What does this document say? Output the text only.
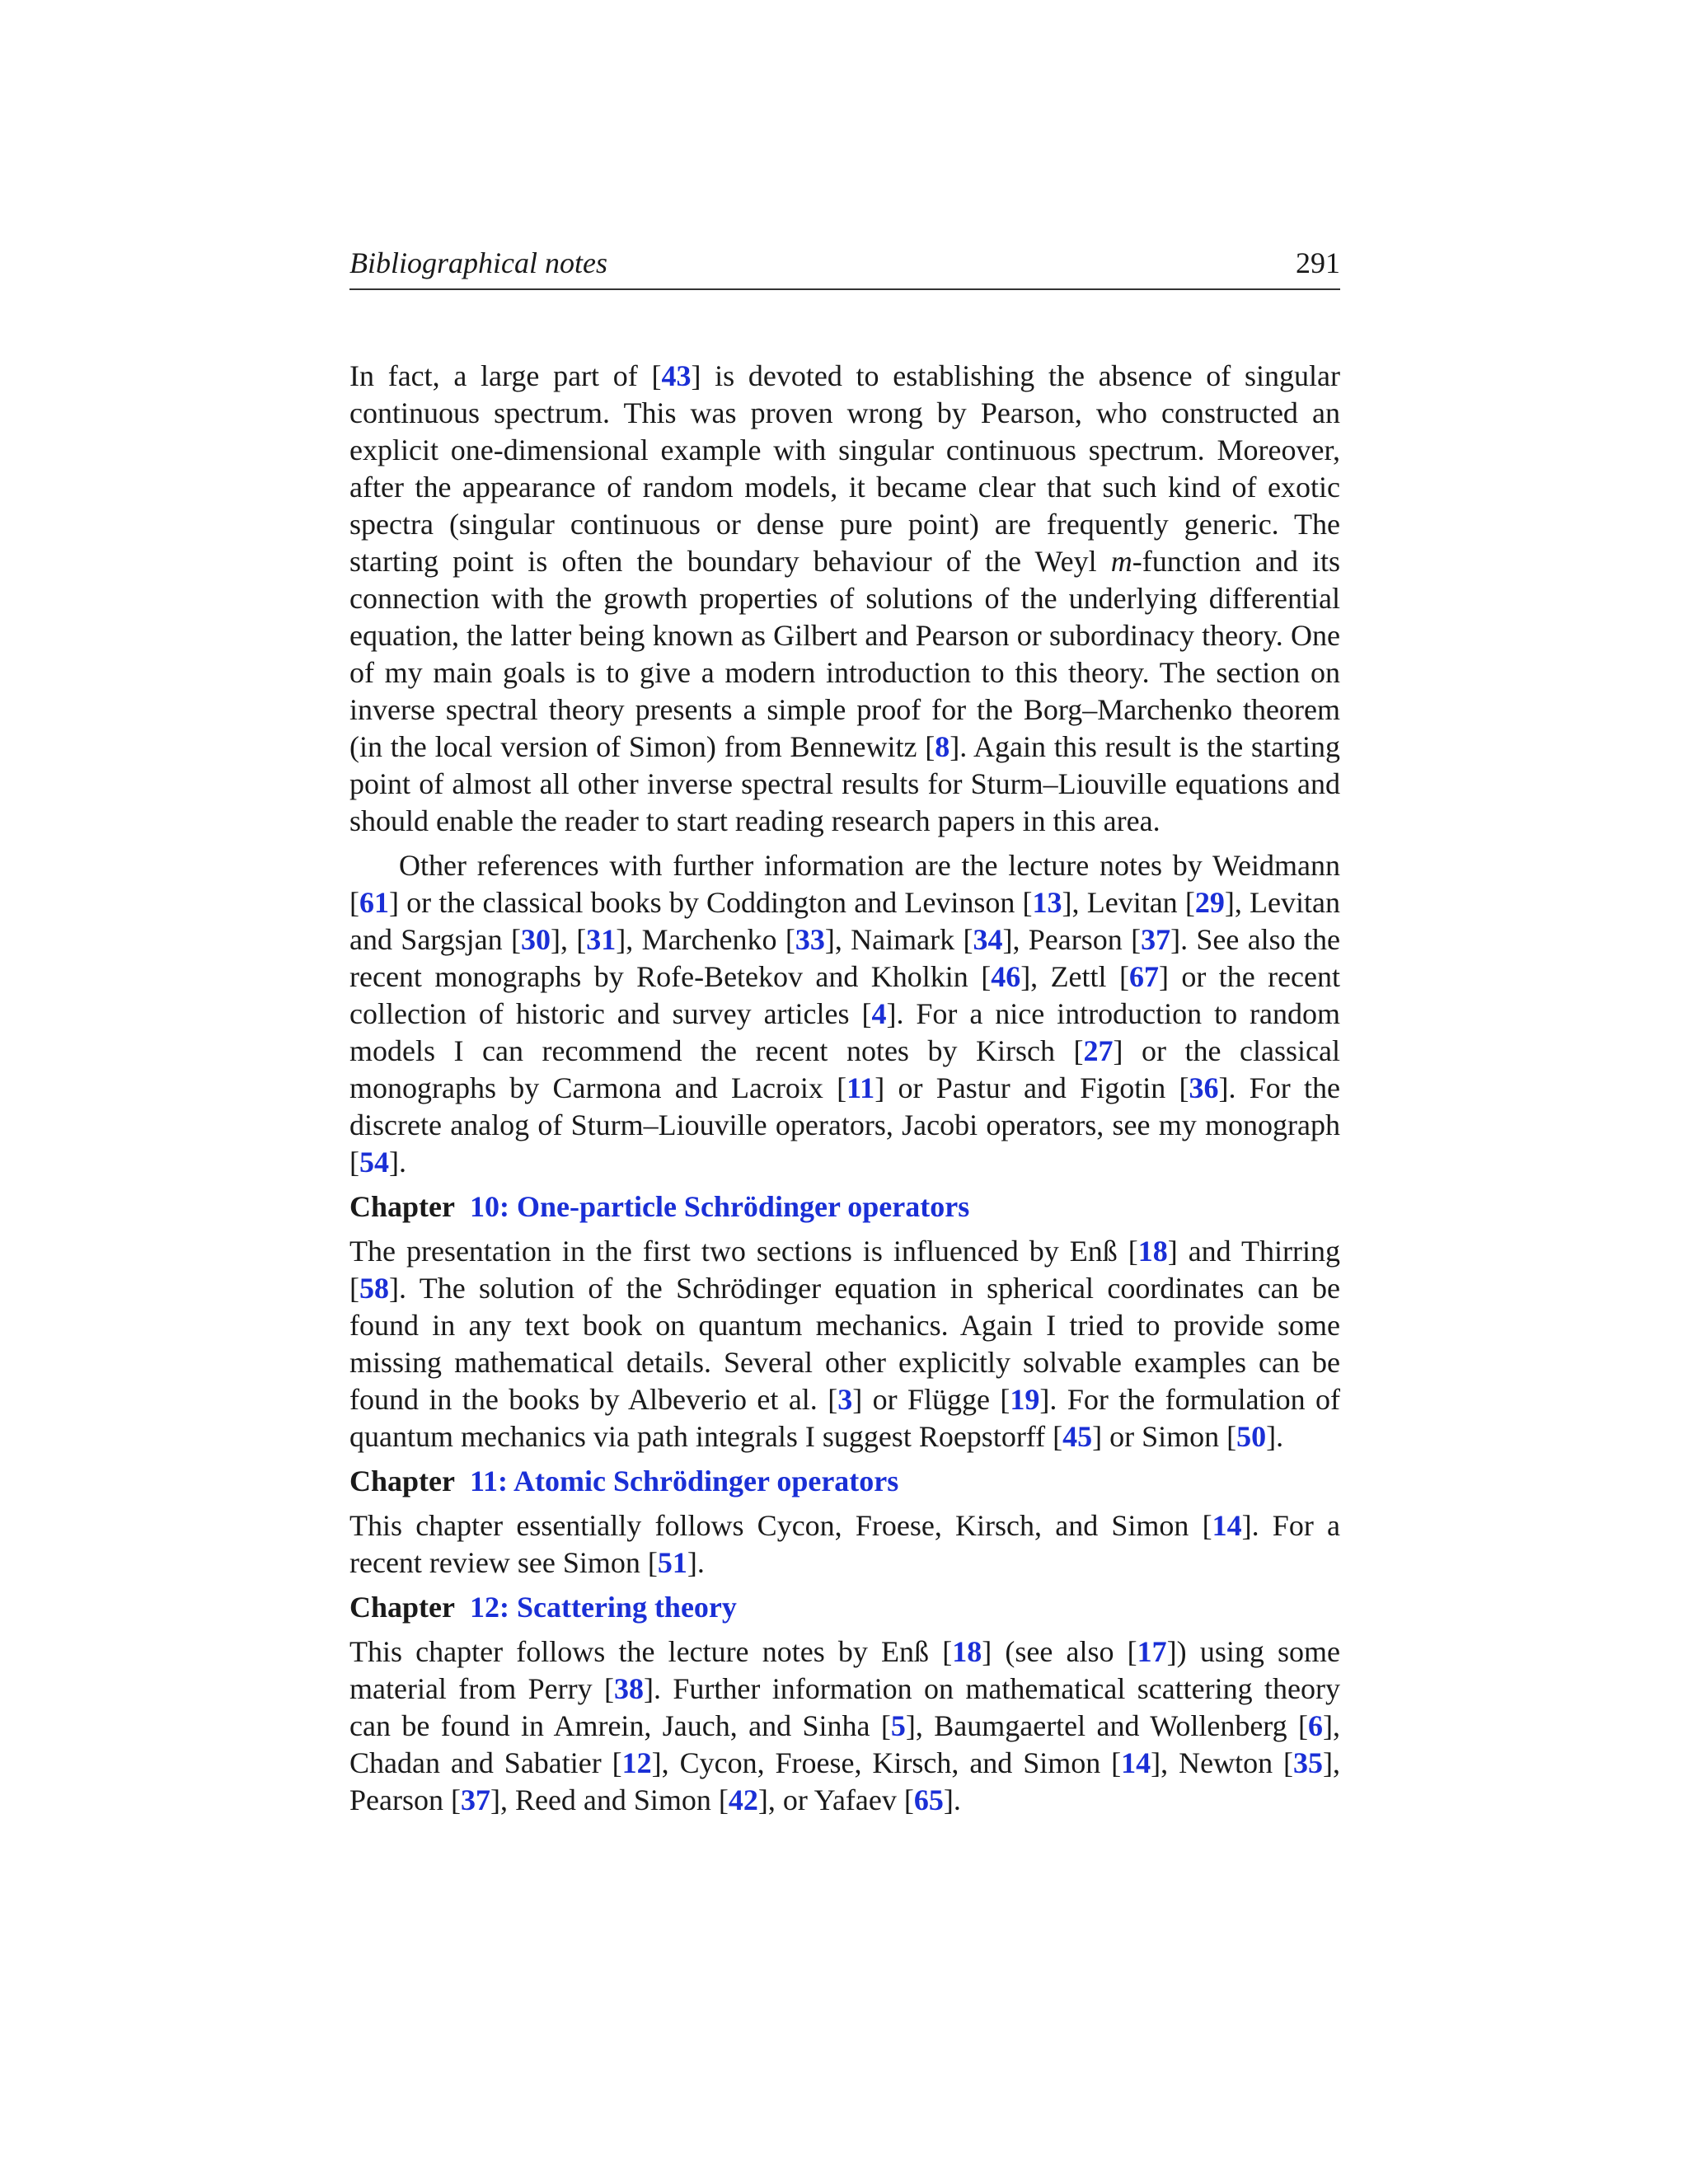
Bibliographical notes	291

In fact, a large part of [43] is devoted to establishing the absence of singular continuous spectrum. This was proven wrong by Pearson, who constructed an explicit one-dimensional example with singular continuous spectrum. Moreover, after the appearance of random models, it became clear that such kind of exotic spectra (singular continuous or dense pure point) are frequently generic. The starting point is often the boundary behaviour of the Weyl m-function and its connection with the growth properties of solutions of the underlying differential equation, the latter being known as Gilbert and Pearson or subordinacy theory. One of my main goals is to give a modern introduction to this theory. The section on inverse spectral theory presents a simple proof for the Borg–Marchenko theorem (in the local version of Simon) from Bennewitz [8]. Again this result is the starting point of almost all other inverse spectral results for Sturm–Liouville equations and should enable the reader to start reading research papers in this area.

Other references with further information are the lecture notes by Weidmann [61] or the classical books by Coddington and Levinson [13], Levitan [29], Levitan and Sargsjan [30], [31], Marchenko [33], Naimark [34], Pearson [37]. See also the recent monographs by Rofe-Betekov and Kholkin [46], Zettl [67] or the recent collection of historic and survey articles [4]. For a nice introduction to random models I can recommend the recent notes by Kirsch [27] or the classical monographs by Carmona and Lacroix [11] or Pastur and Figotin [36]. For the discrete analog of Sturm–Liouville operators, Jacobi operators, see my monograph [54].

Chapter 10: One-particle Schrödinger operators

The presentation in the first two sections is influenced by Enß [18] and Thirring [58]. The solution of the Schrödinger equation in spherical coordinates can be found in any text book on quantum mechanics. Again I tried to provide some missing mathematical details. Several other explicitly solvable examples can be found in the books by Albeverio et al. [3] or Flügge [19]. For the formulation of quantum mechanics via path integrals I suggest Roepstorff [45] or Simon [50].

Chapter 11: Atomic Schrödinger operators

This chapter essentially follows Cycon, Froese, Kirsch, and Simon [14]. For a recent review see Simon [51].

Chapter 12: Scattering theory

This chapter follows the lecture notes by Enß [18] (see also [17]) using some material from Perry [38]. Further information on mathematical scattering theory can be found in Amrein, Jauch, and Sinha [5], Baumgaertel and Wollenberg [6], Chadan and Sabatier [12], Cycon, Froese, Kirsch, and Simon [14], Newton [35], Pearson [37], Reed and Simon [42], or Yafaev [65].
